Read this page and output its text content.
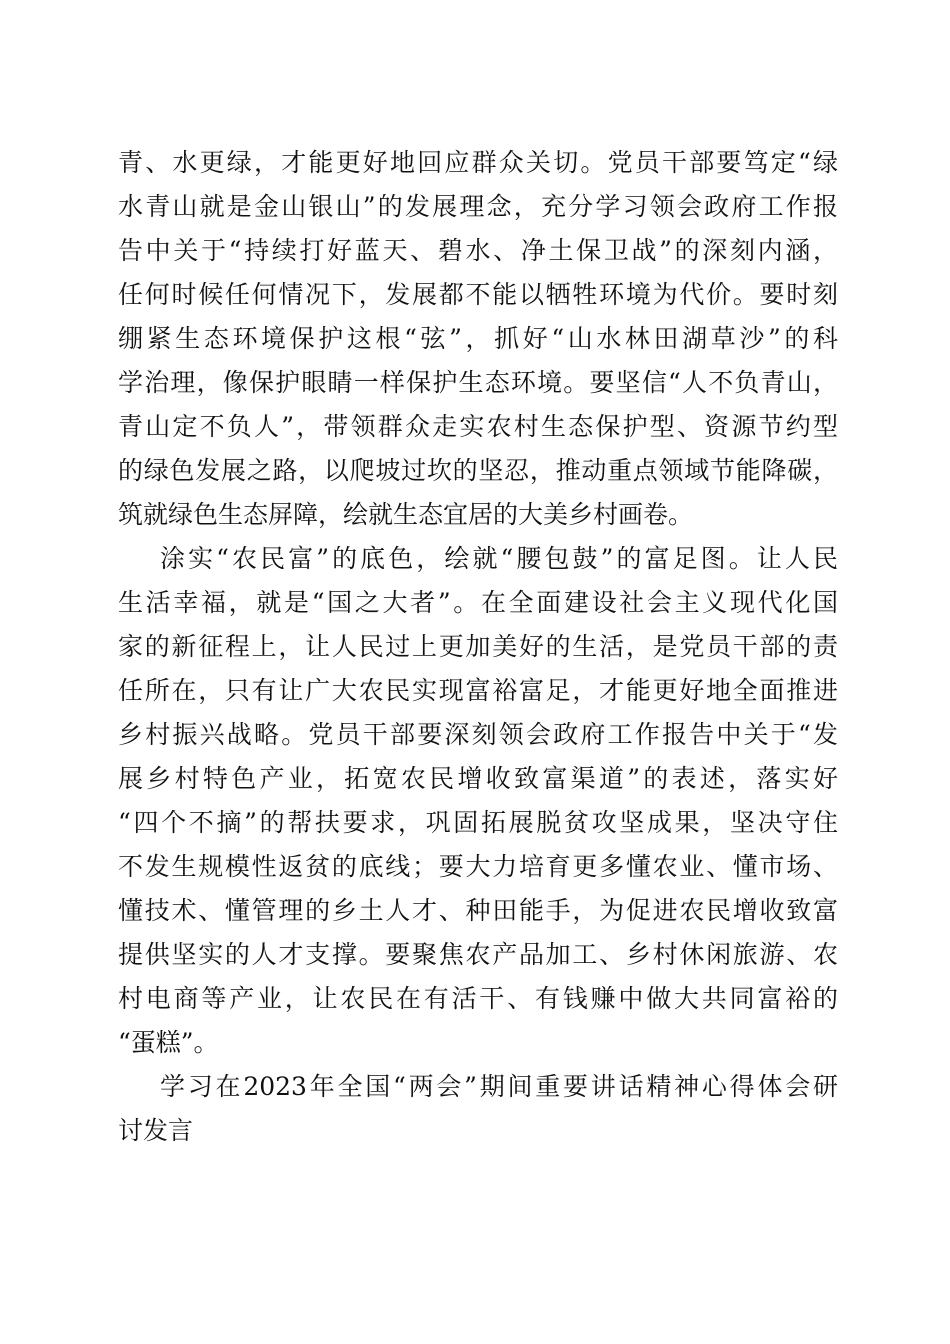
青、水更绿，才能更好地回应群众关切。党员干部要笃定“绿
水青山就是金山银山”的发展理念，充分学习领会政府工作报
告中关于“持续打好蓝天、碧水、净土保卫战”的深刻内涵，
任何时候任何情况下，发展都不能以牺牲环境为代价。要时刻
绷紧生态环境保护这根“弦”，抓好“山水林田湖草沙”的科
学治理，像保护眼睛一样保护生态环境。要坚信“人不负青山，
青山定不负人”，带领群众走实农村生态保护型、资源节约型
的绿色发展之路，以爬坡过坎的坚忍，推动重点领域节能降碳，
筑就绿色生态屏障，绘就生态宜居的大美乡村画卷。
涂实“农民富”的底色，绘就“腰包鼓”的富足图。让人民
生活幸福，就是“国之大者”。在全面建设社会主义现代化国
家的新征程上，让人民过上更加美好的生活，是党员干部的责
任所在，只有让广大农民实现富裕富足，才能更好地全面推进
乡村振兴战略。党员干部要深刻领会政府工作报告中关于“发
展乡村特色产业，拓宽农民增收致富渠道”的表述，落实好
“四个不摘”的帮扶要求，巩固拓展脱贫攻坚成果，坚决守住
不发生规模性返贫的底线；要大力培育更多懂农业、懂市场、
懂技术、懂管理的乡土人才、种田能手，为促进农民增收致富
提供坚实的人才支撑。要聚焦农产品加工、乡村休闲旅游、农
村电商等产业，让农民在有活干、有钱赚中做大共同富裕的
“蛋糕”。
学习在2023年全国“两会”期间重要讲话精神心得体会研
讨发言
